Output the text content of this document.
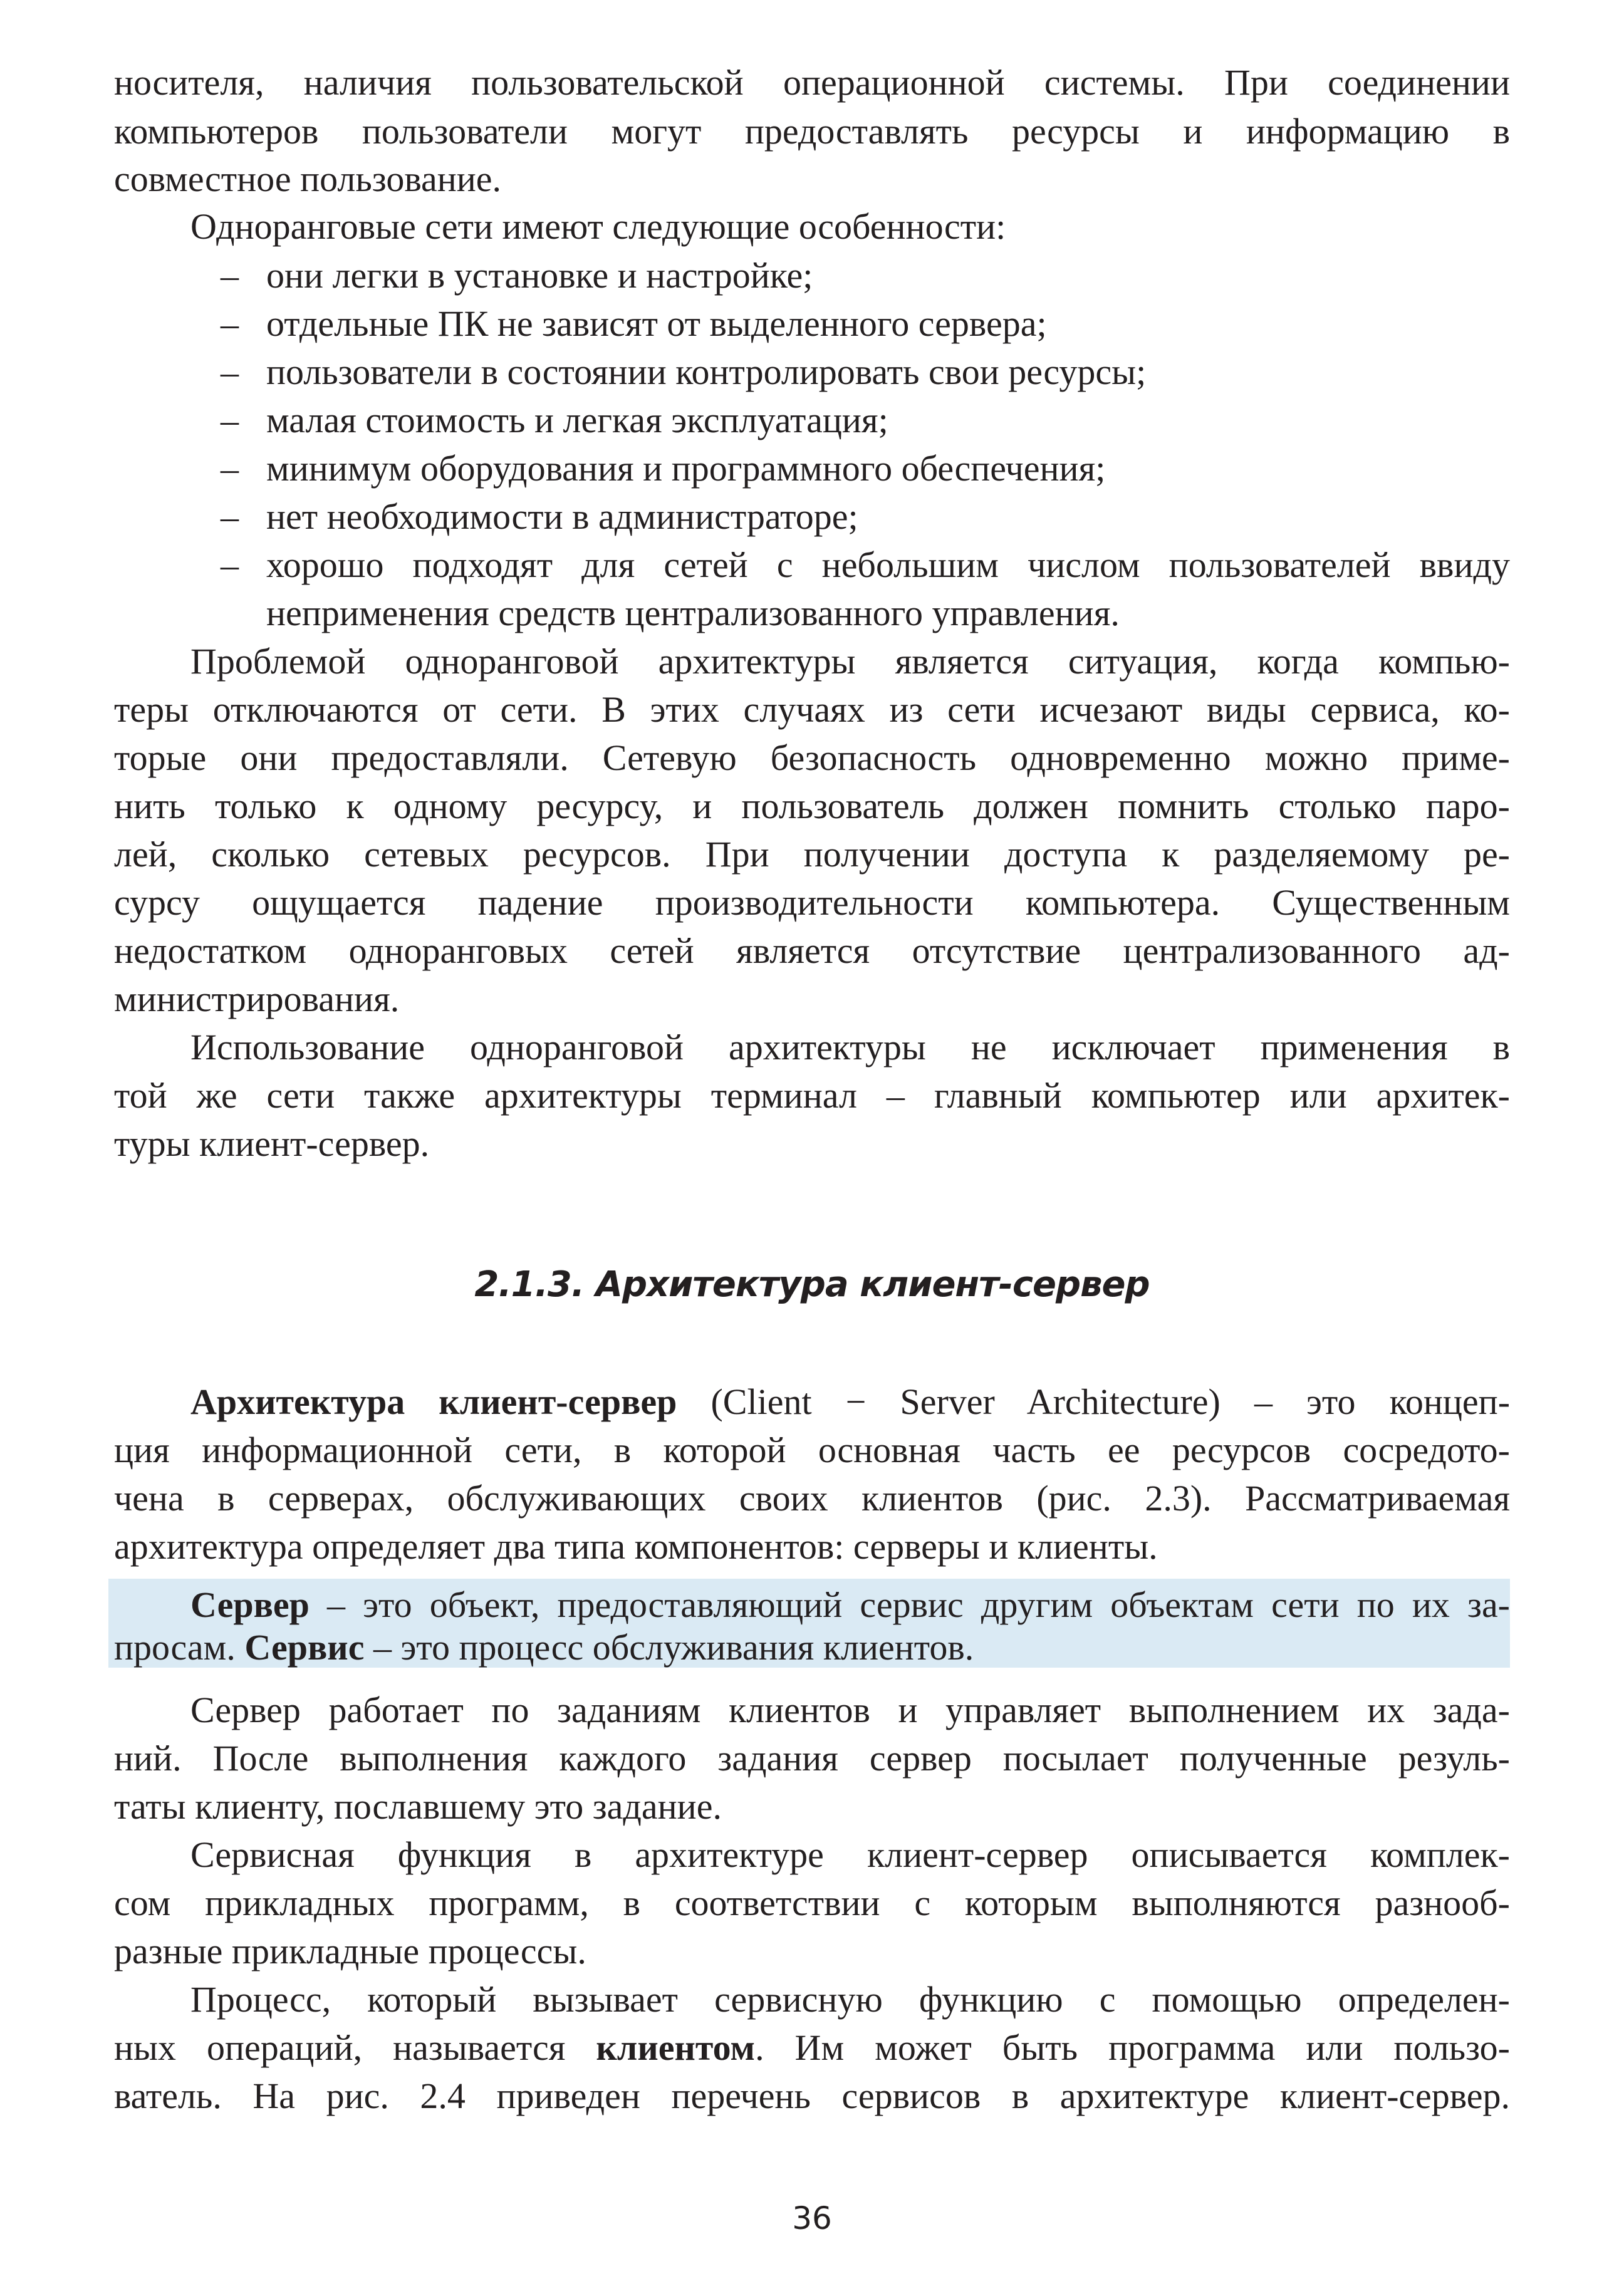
носителя, наличия пользовательской операционной системы. При соединении
компьютеров пользователи могут предоставлять ресурсы и информацию в
совместное пользование.
Одноранговые сети имеют следующие особенности:
– они легки в установке и настройке;
– отдельные ПК не зависят от выделенного сервера;
– пользователи в состоянии контролировать свои ресурсы;
– малая стоимость и легкая эксплуатация;
– минимум оборудования и программного обеспечения;
– нет необходимости в администраторе;
– хорошо подходят для сетей с небольшим числом пользователей ввиду
неприменения средств централизованного управления.
Проблемой одноранговой архитектуры является ситуация, когда компью-
теры отключаются от сети. В этих случаях из сети исчезают виды сервиса, ко-
торые они предоставляли. Сетевую безопасность одновременно можно приме-
нить только к одному ресурсу, и пользователь должен помнить столько паро-
лей, сколько сетевых ресурсов. При получении доступа к разделяемому ре-
сурсу ощущается падение производительности компьютера. Существенным
недостатком одноранговых сетей является отсутствие централизованного ад-
министрирования.
Использование одноранговой архитектуры не исключает применения в
той же сети также архитектуры терминал – главный компьютер или архитек-
туры клиент-сервер.
2.1.3. Архитектура клиент-сервер
Архитектура клиент-сервер (Client − Server Architecture) – это концеп-
ция информационной сети, в которой основная часть ее ресурсов сосредото-
чена в серверах, обслуживающих своих клиентов (рис. 2.3). Рассматриваемая
архитектура определяет два типа компонентов: серверы и клиенты.
Сервер – это объект, предоставляющий сервис другим объектам сети по их за-
просам. Сервис – это процесс обслуживания клиентов.
Сервер работает по заданиям клиентов и управляет выполнением их зада-
ний. После выполнения каждого задания сервер посылает полученные резуль-
таты клиенту, пославшему это задание.
Сервисная функция в архитектуре клиент-сервер описывается комплек-
сом прикладных программ, в соответствии с которым выполняются разнооб-
разные прикладные процессы.
Процесс, который вызывает сервисную функцию с помощью определен-
ных операций, называется клиентом. Им может быть программа или пользо-
ватель. На рис. 2.4 приведен перечень сервисов в архитектуре клиент-сервер.
36
